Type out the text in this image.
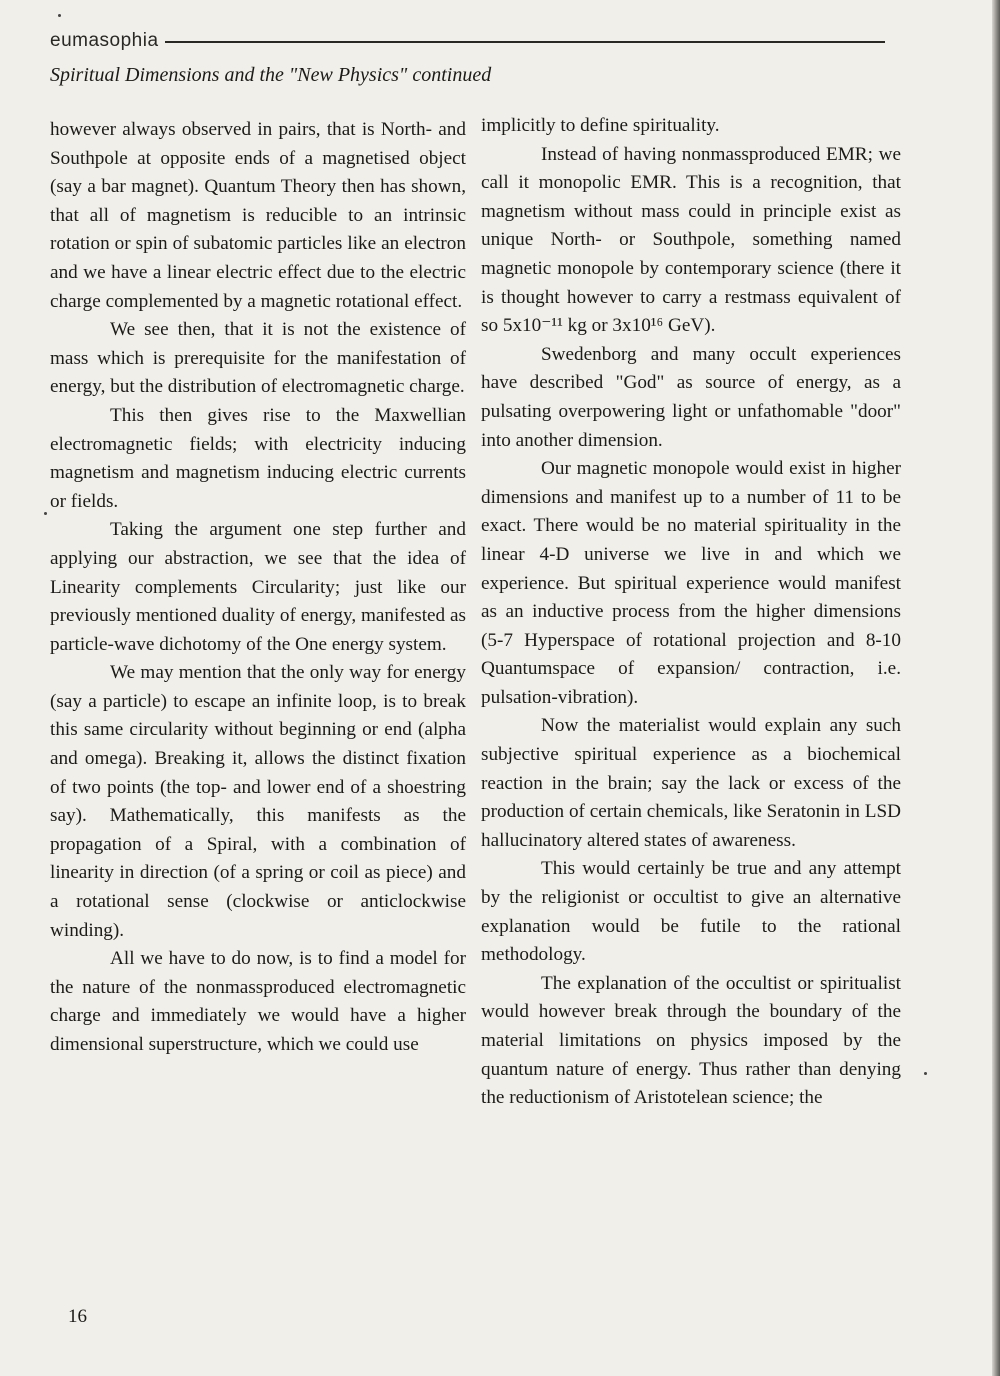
eumasophia
Spiritual Dimensions and the "New Physics" continued

however always observed in pairs, that is North- and Southpole at opposite ends of a magnetised object (say a bar magnet). Quantum Theory then has shown, that all of magnetism is reducible to an intrinsic rotation or spin of subatomic particles like an electron and we have a linear electric effect due to the electric charge complemented by a magnetic rotational effect.

We see then, that it is not the existence of mass which is prerequisite for the manifestation of energy, but the distribution of electromagnetic charge.

This then gives rise to the Maxwellian electromagnetic fields; with electricity inducing magnetism and magnetism inducing electric currents or fields.

Taking the argument one step further and applying our abstraction, we see that the idea of Linearity complements Circularity; just like our previously mentioned duality of energy, manifested as particle-wave dichotomy of the One energy system.

We may mention that the only way for energy (say a particle) to escape an infinite loop, is to break this same circularity without beginning or end (alpha and omega). Breaking it, allows the distinct fixation of two points (the top- and lower end of a shoestring say). Mathematically, this manifests as the propagation of a Spiral, with a combination of linearity in direction (of a spring or coil as piece) and a rotational sense (clockwise or anticlockwise winding).

All we have to do now, is to find a model for the nature of the nonmassproduced electromagnetic charge and immediately we would have a higher dimensional superstructure, which we could use

implicitly to define spirituality.

Instead of having nonmassproduced EMR; we call it monopolic EMR. This is a recognition, that magnetism without mass could in principle exist as unique North- or Southpole, something named magnetic monopole by contemporary science (there it is thought however to carry a restmass equivalent of so 5x10⁻¹¹ kg or 3x10¹⁶ GeV).

Swedenborg and many occult experiences have described "God" as source of energy, as a pulsating overpowering light or unfathomable "door" into another dimension.

Our magnetic monopole would exist in higher dimensions and manifest up to a number of 11 to be exact. There would be no material spirituality in the linear 4-D universe we live in and which we experience. But spiritual experience would manifest as an inductive process from the higher dimensions (5-7 Hyperspace of rotational projection and 8-10 Quantumspace of expansion/ contraction, i.e. pulsation-vibration).

Now the materialist would explain any such subjective spiritual experience as a biochemical reaction in the brain; say the lack or excess of the production of certain chemicals, like Seratonin in LSD hallucinatory altered states of awareness.

This would certainly be true and any attempt by the religionist or occultist to give an alternative explanation would be futile to the rational methodology.

The explanation of the occultist or spiritualist would however break through the boundary of the material limitations on physics imposed by the quantum nature of energy. Thus rather than denying the reductionism of Aristotelean science; the

16
